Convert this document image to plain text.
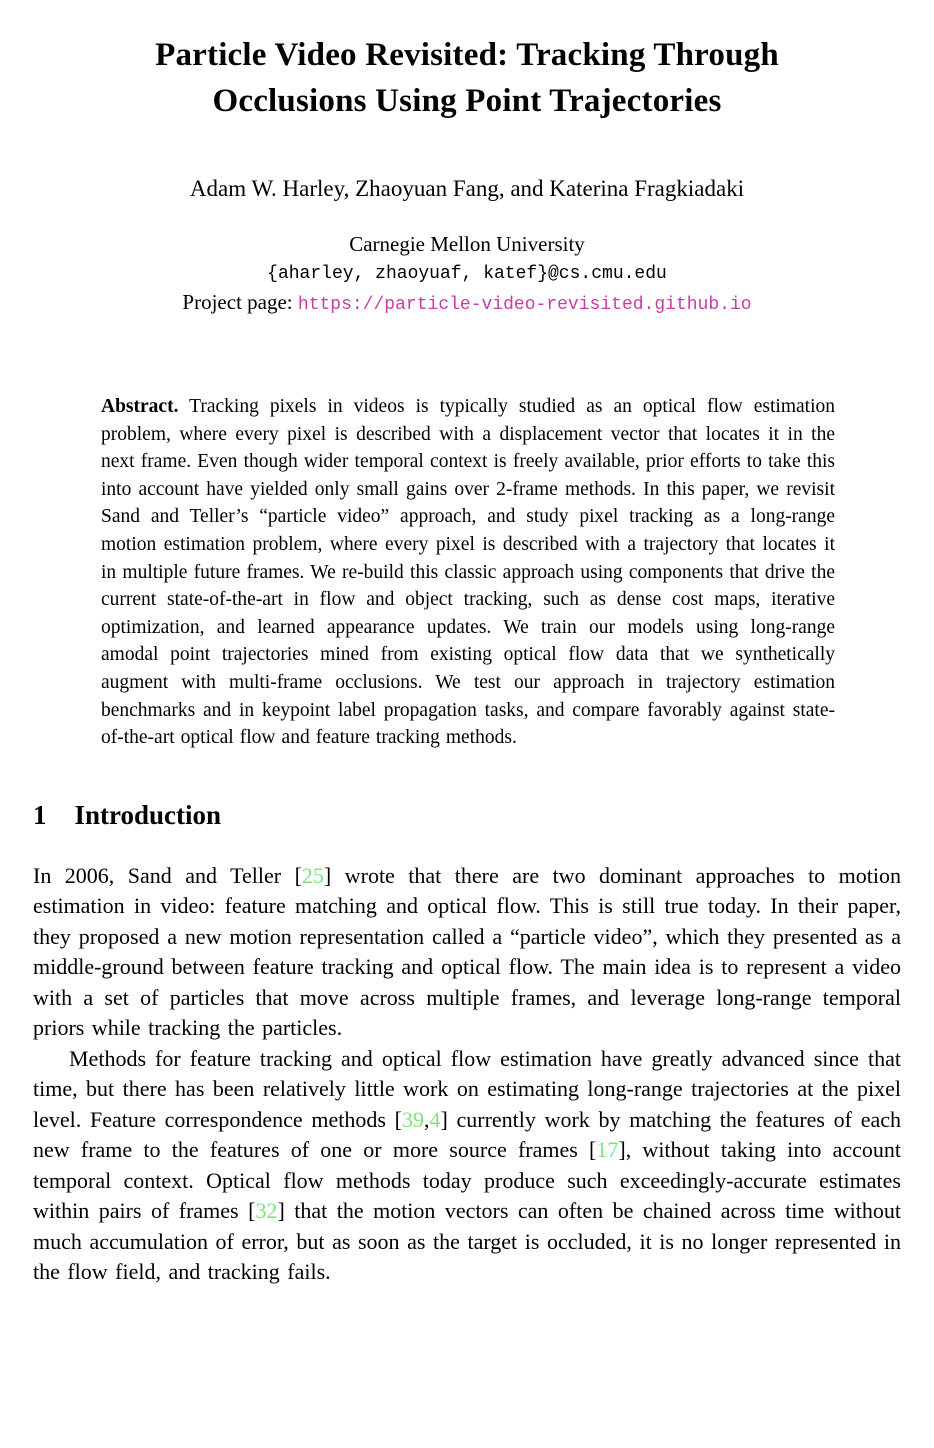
Particle Video Revisited: Tracking Through
Occlusions Using Point Trajectories
Adam W. Harley, Zhaoyuan Fang, and Katerina Fragkiadaki
Carnegie Mellon University
{aharley, zhaoyuaf, katef}@cs.cmu.edu
Project page: https://particle-video-revisited.github.io
Abstract. Tracking pixels in videos is typically studied as an optical flow estimation problem, where every pixel is described with a displacement vector that locates it in the next frame. Even though wider temporal context is freely available, prior efforts to take this into account have yielded only small gains over 2-frame methods. In this paper, we revisit Sand and Teller’s “particle video” approach, and study pixel tracking as a long-range motion estimation problem, where every pixel is described with a trajectory that locates it in multiple future frames. We re-build this classic approach using components that drive the current state-of-the-art in flow and object tracking, such as dense cost maps, iterative optimization, and learned appearance updates. We train our models using long-range amodal point trajectories mined from existing optical flow data that we synthetically augment with multi-frame occlusions. We test our approach in trajectory estimation benchmarks and in keypoint label propagation tasks, and compare favorably against state-of-the-art optical flow and feature tracking methods.
1 Introduction

In 2006, Sand and Teller [25] wrote that there are two dominant approaches to motion estimation in video: feature matching and optical flow. This is still true today. In their paper, they proposed a new motion representation called a “particle video”, which they presented as a middle-ground between feature tracking and optical flow. The main idea is to represent a video with a set of particles that move across multiple frames, and leverage long-range temporal priors while tracking the particles.

Methods for feature tracking and optical flow estimation have greatly advanced since that time, but there has been relatively little work on estimating long-range trajectories at the pixel level. Feature correspondence methods [39,4] currently work by matching the features of each new frame to the features of one or more source frames [17], without taking into account temporal context. Optical flow methods today produce such exceedingly-accurate estimates within pairs of frames [32] that the motion vectors can often be chained across time without much accumulation of error, but as soon as the target is occluded, it is no longer represented in the flow field, and tracking fails.
